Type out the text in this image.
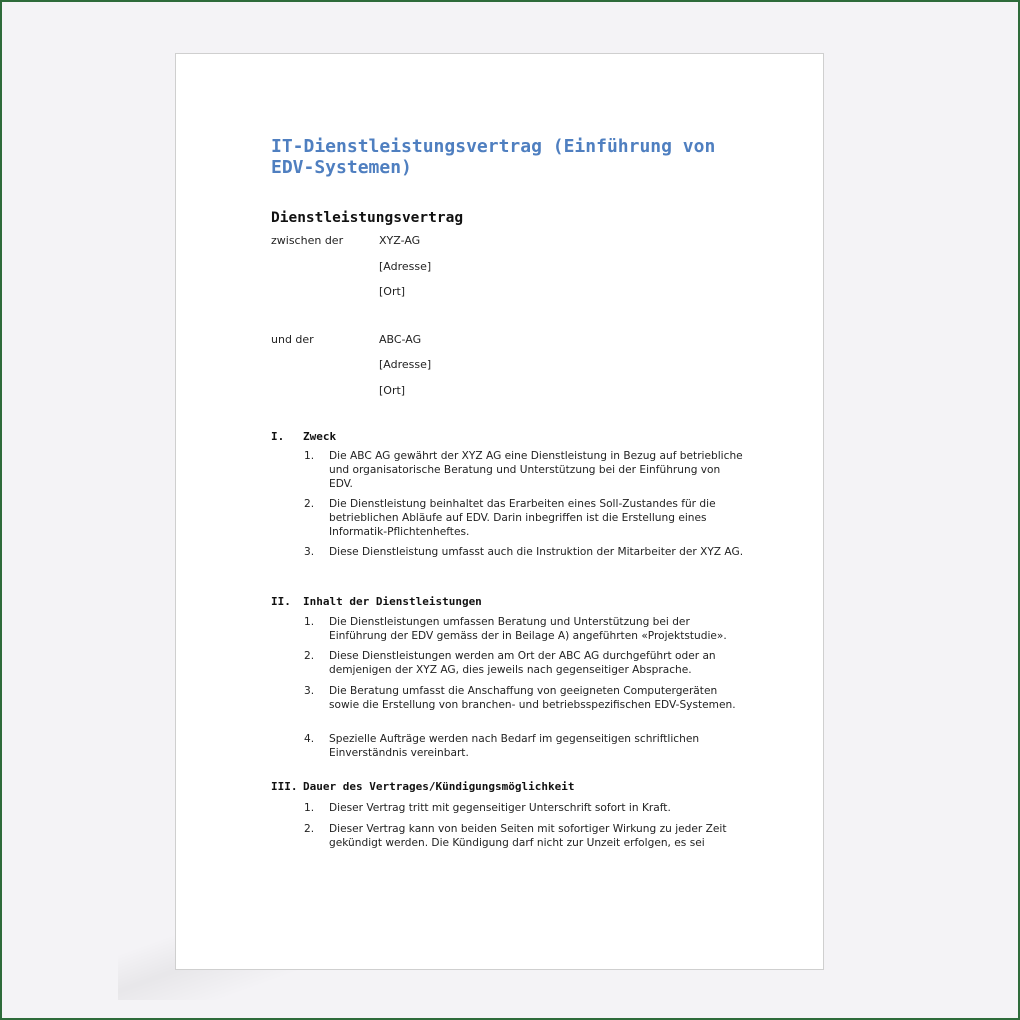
IT-Dienstleistungsvertrag (Einführung von EDV-Systemen)
Dienstleistungsvertrag
zwischen der	XYZ-AG
[Adresse]
[Ort]
und der	ABC-AG
[Adresse]
[Ort]
I. Zweck
1. Die ABC AG gewährt der XYZ AG eine Dienstleistung in Bezug auf betriebliche und organisatorische Beratung und Unterstützung bei der Einführung von EDV.
2. Die Dienstleistung beinhaltet das Erarbeiten eines Soll-Zustandes für die betrieblichen Abläufe auf EDV. Darin inbegriffen ist die Erstellung eines Informatik-Pflichtenheftes.
3. Diese Dienstleistung umfasst auch die Instruktion der Mitarbeiter der XYZ AG.
II. Inhalt der Dienstleistungen
1. Die Dienstleistungen umfassen Beratung und Unterstützung bei der Einführung der EDV gemäss der in Beilage A) angeführten «Projektstudie».
2. Diese Dienstleistungen werden am Ort der ABC AG durchgeführt oder an demjenigen der XYZ AG, dies jeweils nach gegenseitiger Absprache.
3. Die Beratung umfasst die Anschaffung von geeigneten Computergeräten sowie die Erstellung von branchen- und betriebsspezifischen EDV-Systemen.
4. Spezielle Aufträge werden nach Bedarf im gegenseitigen schriftlichen Einverständnis vereinbart.
III. Dauer des Vertrages/Kündigungsmöglichkeit
1. Dieser Vertrag tritt mit gegenseitiger Unterschrift sofort in Kraft.
2. Dieser Vertrag kann von beiden Seiten mit sofortiger Wirkung zu jeder Zeit gekündigt werden. Die Kündigung darf nicht zur Unzeit erfolgen, es sei
